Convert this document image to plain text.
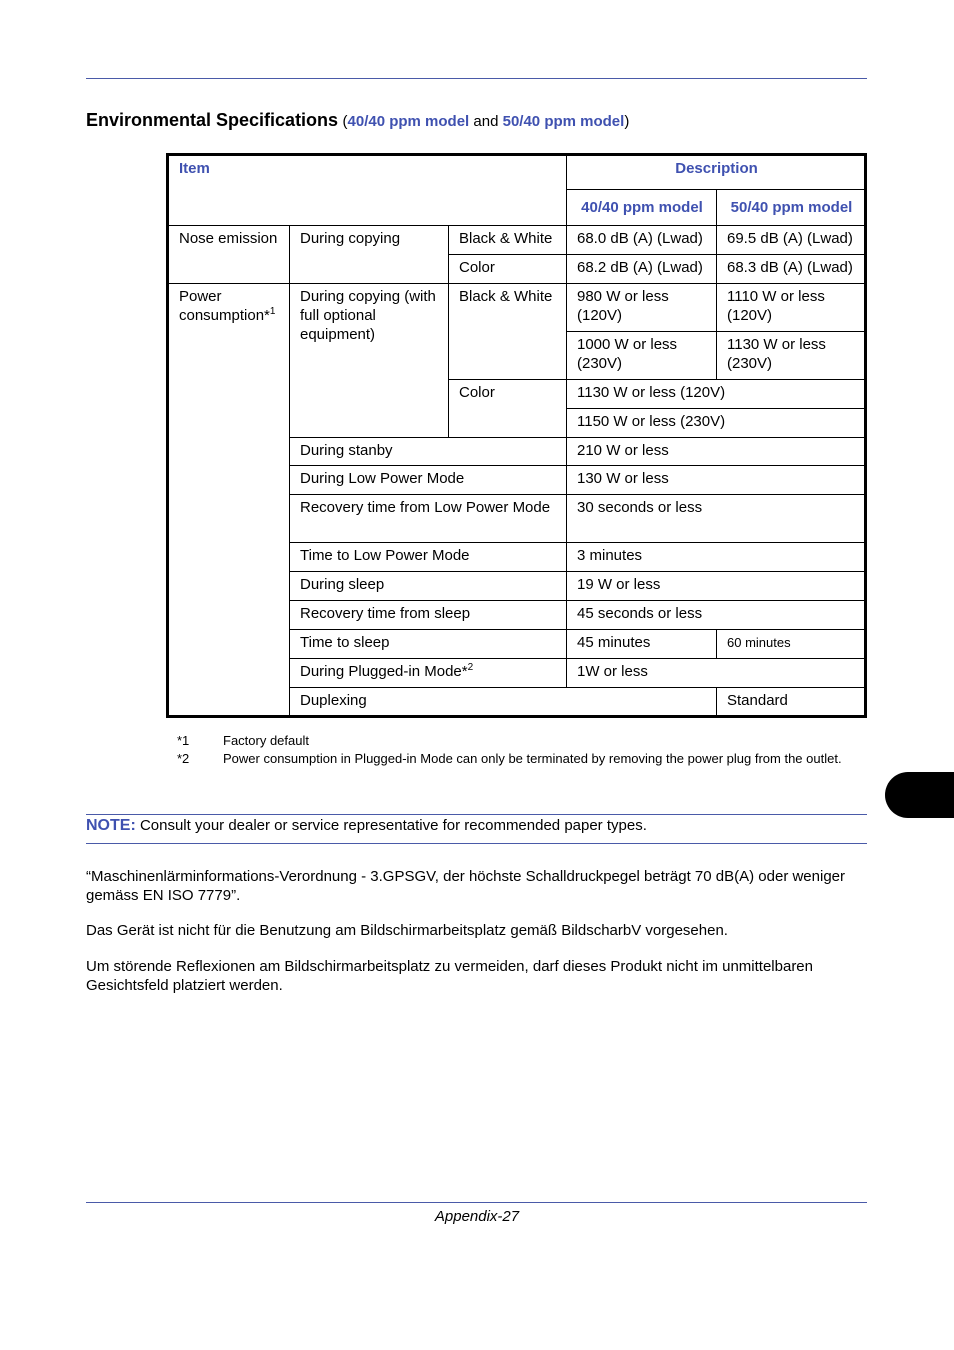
Environmental Specifications (40/40 ppm model and 50/40 ppm model)
Item			Description	
			40/40 ppm model	50/40 ppm model
Nose emission	During copying	Black & White	68.0 dB (A) (Lwad)	69.5 dB (A) (Lwad)
		Color	68.2 dB (A) (Lwad)	68.3 dB (A) (Lwad)
Power consumption*$^1$	During copying (with full optional equipment)	Black & White	980 W or less (120V)	1110 W or less (120V)
			1000 W or less (230V)	1130 W or less (230V)
		Color	1130 W or less (120V)	
			1150 W or less (230V)	
	During stanby		210 W or less	
	During Low Power Mode		130 W or less	
	Recovery time from Low Power Mode		30 seconds or less	
	Time to Low Power Mode		3 minutes	
	During sleep		19 W or less	
	Recovery time from sleep		45 seconds or less	
	Time to sleep		45 minutes	60 minutes
	During Plugged-in Mode*$^2$		1W or less	
	Duplexing			Standard
*1	Factory default
*2	Power consumption in Plugged-in Mode can only be terminated by removing the power plug from the outlet.
NOTE: Consult your dealer or service representative for recommended paper types.
“Maschinenlärminformations-Verordnung - 3.GPSGV, der höchste Schalldruckpegel beträgt 70 dB(A) oder weniger gemäss EN ISO 7779”.
Das Gerät ist nicht für die Benutzung am Bildschirmarbeitsplatz gemäß BildscharbV vorgesehen.
Um störende Reflexionen am Bildschirmarbeitsplatz zu vermeiden, darf dieses Produkt nicht im unmittelbaren Gesichtsfeld platziert werden.
Appendix-27
